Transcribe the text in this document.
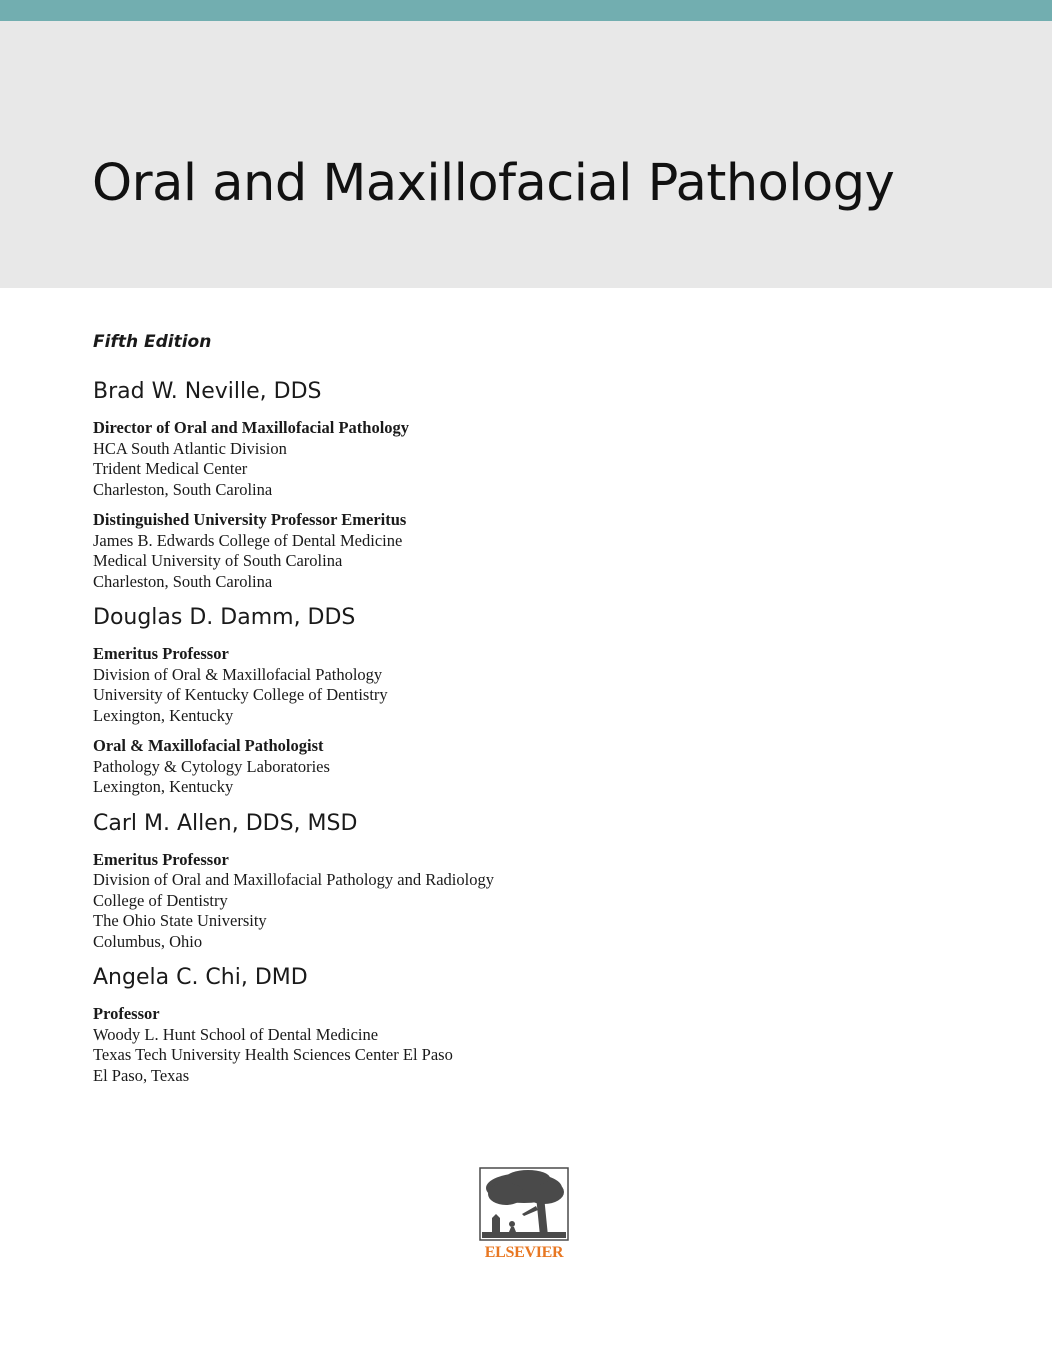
Oral and Maxillofacial Pathology
Fifth Edition
Brad W. Neville, DDS
Director of Oral and Maxillofacial Pathology
HCA South Atlantic Division
Trident Medical Center
Charleston, South Carolina
Distinguished University Professor Emeritus
James B. Edwards College of Dental Medicine
Medical University of South Carolina
Charleston, South Carolina
Douglas D. Damm, DDS
Emeritus Professor
Division of Oral & Maxillofacial Pathology
University of Kentucky College of Dentistry
Lexington, Kentucky
Oral & Maxillofacial Pathologist
Pathology & Cytology Laboratories
Lexington, Kentucky
Carl M. Allen, DDS, MSD
Emeritus Professor
Division of Oral and Maxillofacial Pathology and Radiology
College of Dentistry
The Ohio State University
Columbus, Ohio
Angela C. Chi, DMD
Professor
Woody L. Hunt School of Dental Medicine
Texas Tech University Health Sciences Center El Paso
El Paso, Texas
ELSEVIER
